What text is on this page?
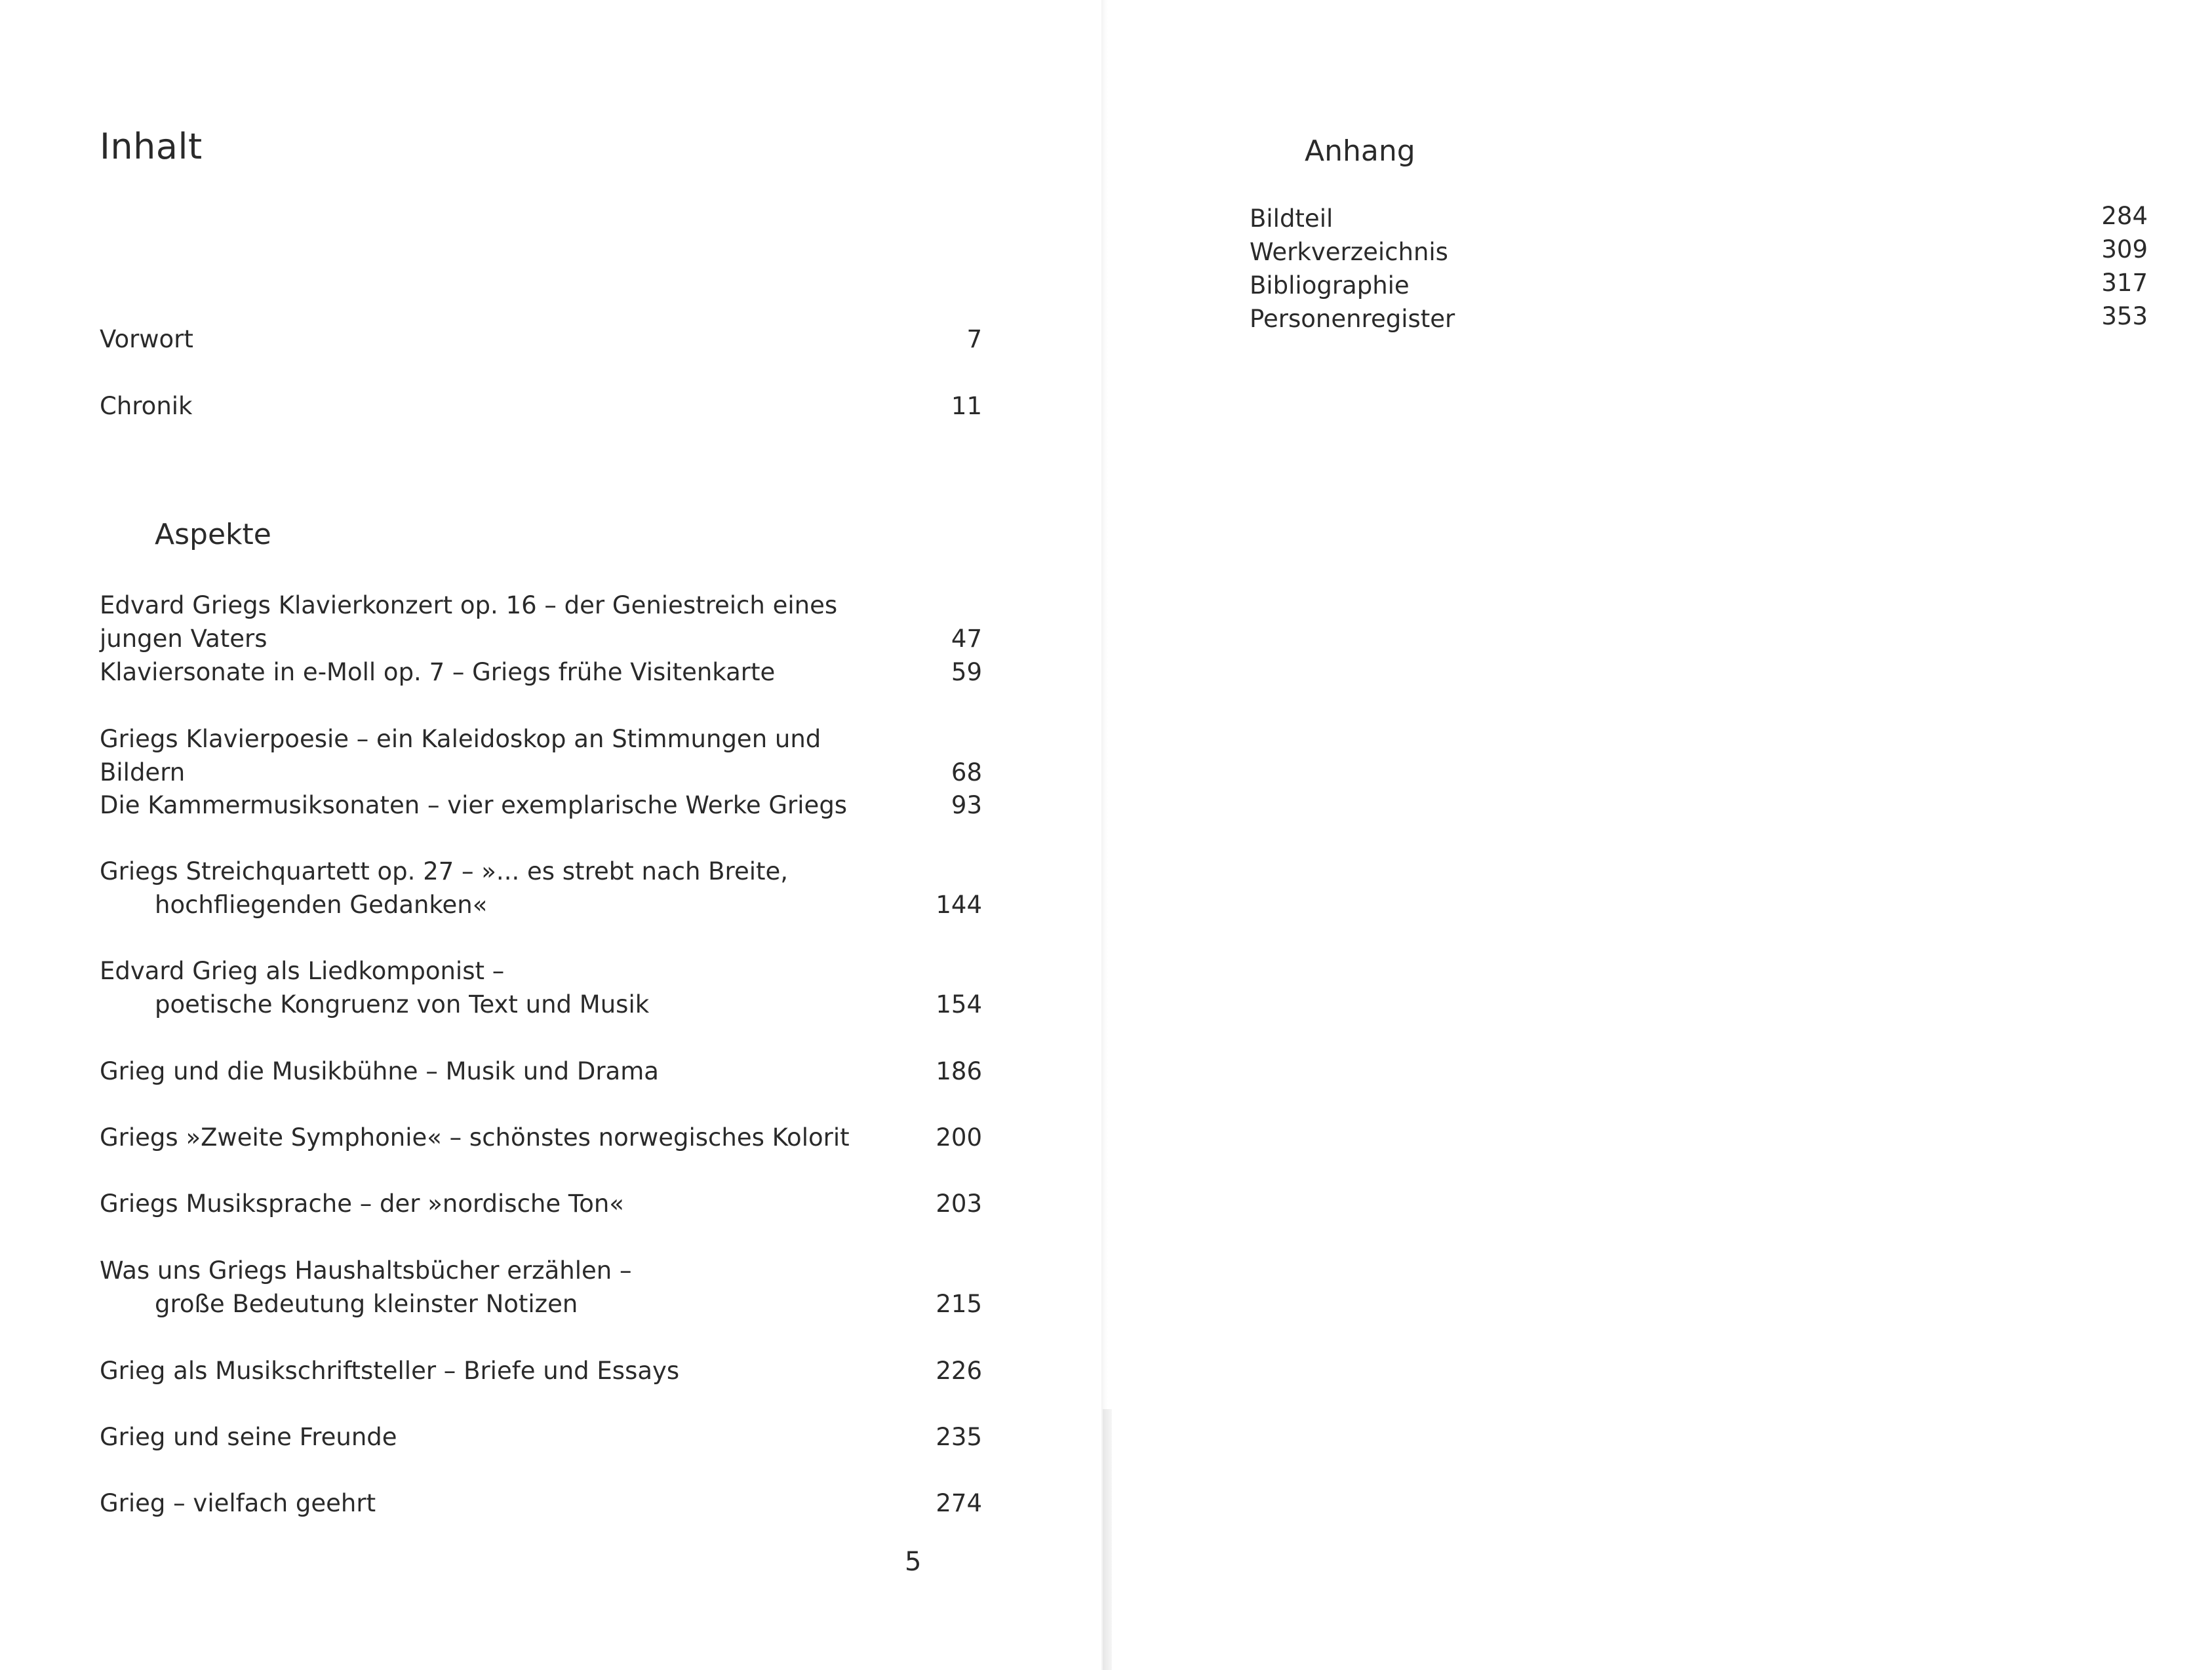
Inhalt
Vorwort	7
Chronik	11
Aspekte
Edvard Griegs Klavierkonzert op. 16 – der Geniestreich eines jungen Vaters	47
Klaviersonate in e-Moll op. 7 – Griegs frühe Visitenkarte	59
Griegs Klavierpoesie – ein Kaleidoskop an Stimmungen und Bildern	68
Die Kammermusiksonaten – vier exemplarische Werke Griegs	93
Griegs Streichquartett op. 27 – »... es strebt nach Breite,
hochfliegenden Gedanken«	144
Edvard Grieg als Liedkomponist –
poetische Kongruenz von Text und Musik	154
Grieg und die Musikbühne – Musik und Drama	186
Griegs »Zweite Symphonie« – schönstes norwegisches Kolorit	200
Griegs Musiksprache – der »nordische Ton«	203
Was uns Griegs Haushaltsbücher erzählen –
große Bedeutung kleinster Notizen	215
Grieg als Musikschriftsteller – Briefe und Essays	226
Grieg und seine Freunde	235
Grieg – vielfach geehrt	274
5
Anhang
Bildteil	284
Werkverzeichnis	309
Bibliographie	317
Personenregister	353
